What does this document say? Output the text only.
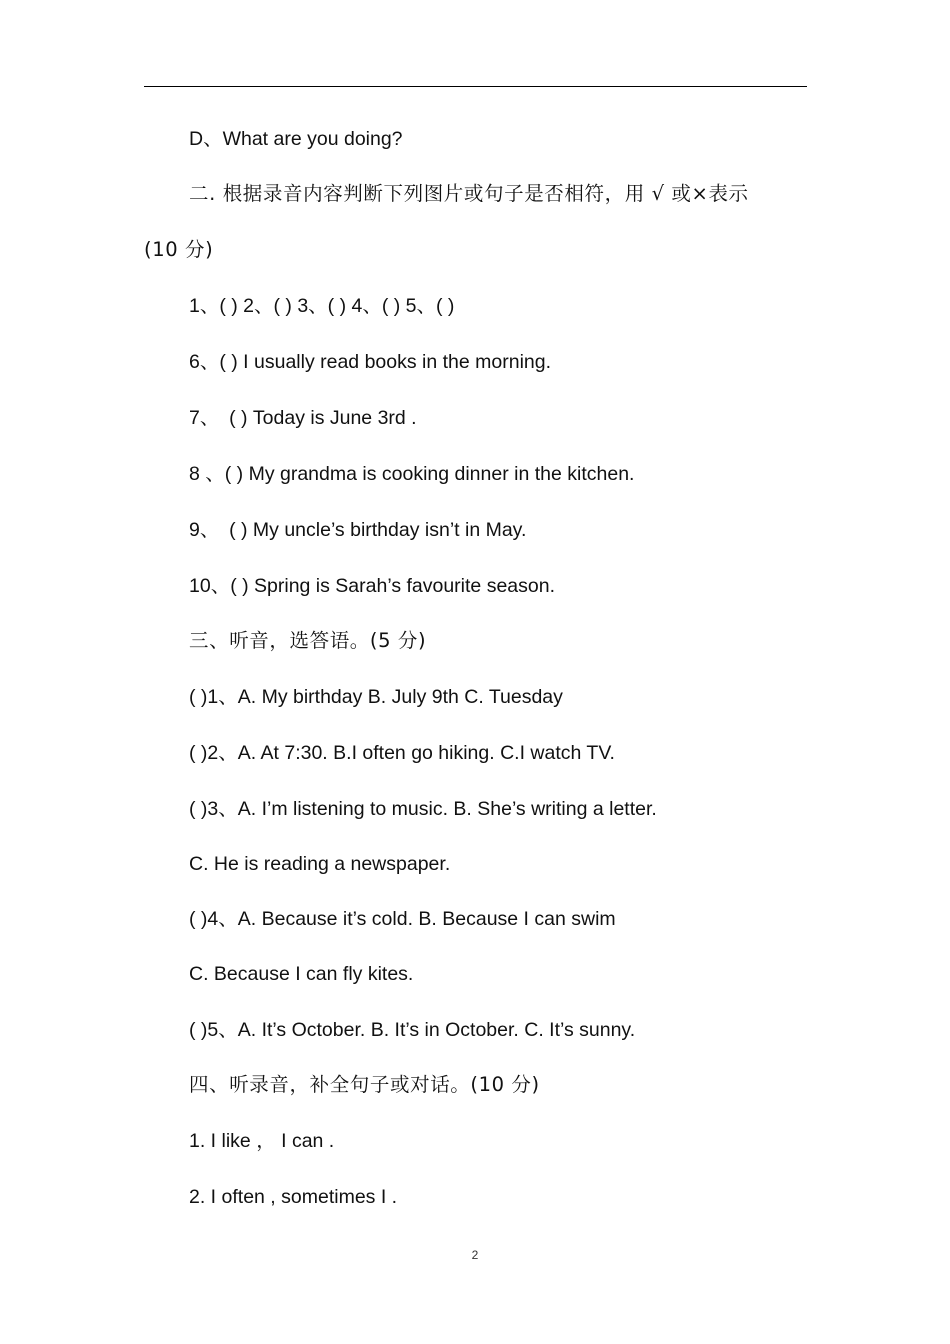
D、What are you doing?
二. 根据录音内容判断下列图片或句子是否相符，用 √ 或×表示
(10 分)
1、( ) 2、( ) 3、( ) 4、( ) 5、( )
6、( ) I usually read books in the morning.
7、　( ) Today is June 3rd .
8 、( ) My grandma is cooking dinner in the kitchen.
9、　( ) My uncle’s birthday isn’t in May.
10、( ) Spring is Sarah’s favourite season.
三、听音，选答语。(5 分)
( )1、A. My birthday B. July 9th C. Tuesday
( )2、A. At 7:30. B.I often go hiking. C.I watch TV.
( )3、A. I’m listening to music. B. She’s writing a letter.
C. He is reading a newspaper.
( )4、A. Because it’s cold. B. Because I can swim
C. Because I can fly kites.
( )5、A. It’s October. B. It’s in October. C. It’s sunny.
四、听录音，补全句子或对话。(10 分)
1. I like ， I can .
2. I often , sometimes I .
2
